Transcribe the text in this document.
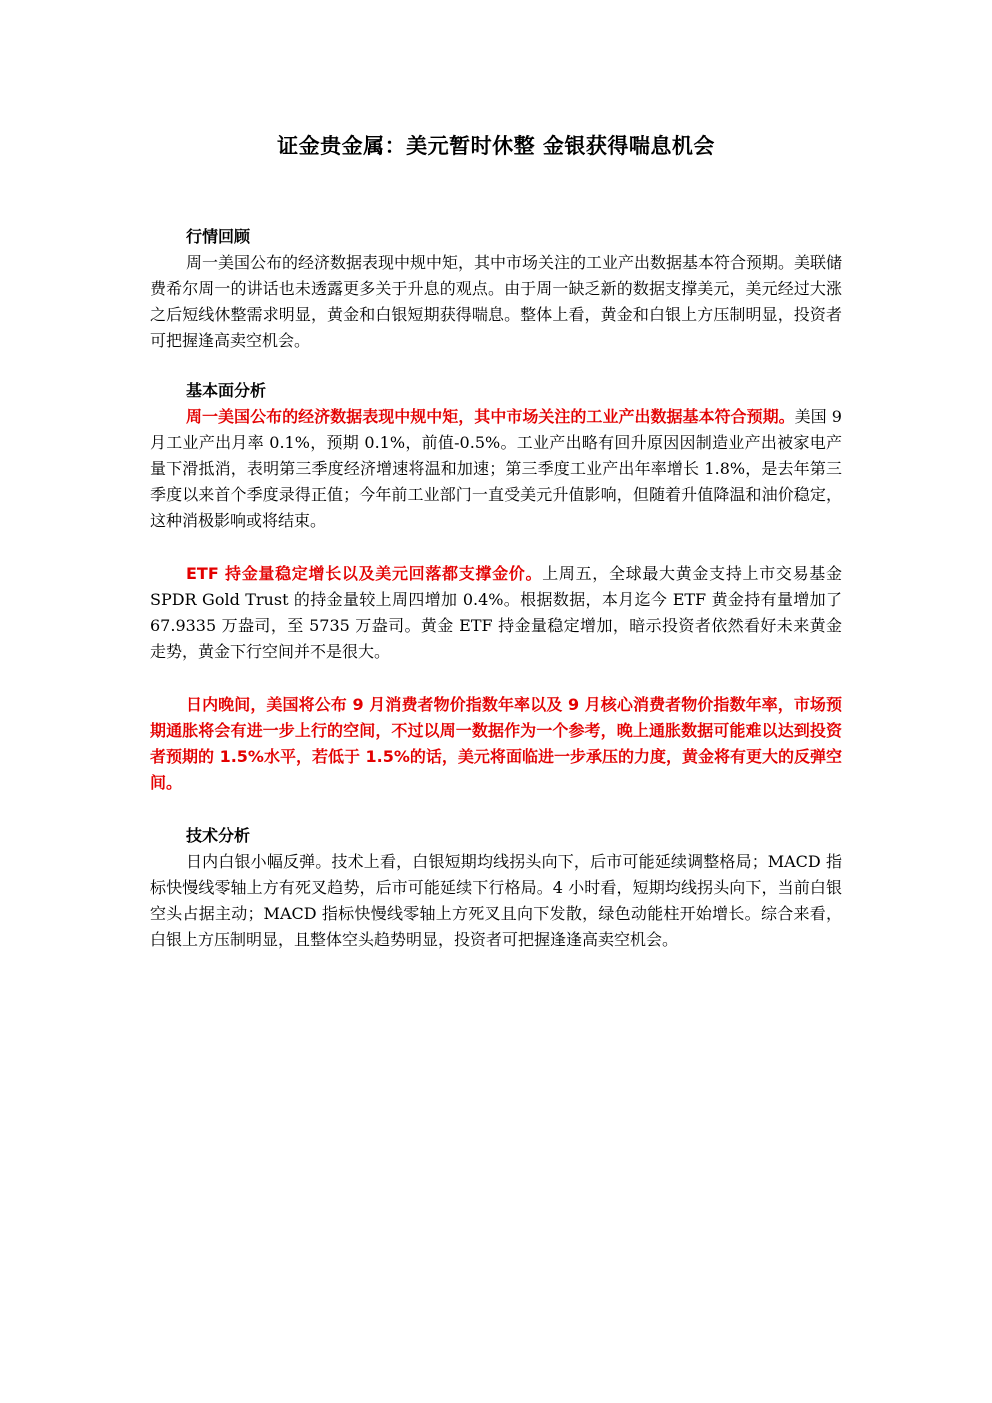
证金贵金属：美元暂时休整 金银获得喘息机会
行情回顾

周一美国公布的经济数据表现中规中矩，其中市场关注的工业产出数据基本符合预期。美联储费希尔周一的讲话也未透露更多关于升息的观点。由于周一缺乏新的数据支撑美元，美元经过大涨之后短线休整需求明显，黄金和白银短期获得喘息。整体上看，黄金和白银上方压制明显，投资者可把握逢高卖空机会。

基本面分析

周一美国公布的经济数据表现中规中矩，其中市场关注的工业产出数据基本符合预期。美国 9 月工业产出月率 0.1%，预期 0.1%，前值-0.5%。工业产出略有回升原因因制造业产出被家电产量下滑抵消，表明第三季度经济增速将温和加速；第三季度工业产出年率增长 1.8%，是去年第三季度以来首个季度录得正值；今年前工业部门一直受美元升值影响，但随着升值降温和油价稳定，这种消极影响或将结束。

ETF 持金量稳定增长以及美元回落都支撑金价。上周五，全球最大黄金支持上市交易基金 SPDR Gold Trust 的持金量较上周四增加 0.4%。根据数据，本月迄今 ETF 黄金持有量增加了 67.9335 万盎司，至 5735 万盎司。黄金 ETF 持金量稳定增加，暗示投资者依然看好未来黄金走势，黄金下行空间并不是很大。

日内晚间，美国将公布 9 月消费者物价指数年率以及 9 月核心消费者物价指数年率，市场预期通胀将会有进一步上行的空间，不过以周一数据作为一个参考，晚上通胀数据可能难以达到投资者预期的 1.5%水平，若低于 1.5%的话，美元将面临进一步承压的力度，黄金将有更大的反弹空间。

技术分析

日内白银小幅反弹。技术上看，白银短期均线拐头向下，后市可能延续调整格局；MACD 指标快慢线零轴上方有死叉趋势，后市可能延续下行格局。4 小时看，短期均线拐头向下，当前白银空头占据主动；MACD 指标快慢线零轴上方死叉且向下发散，绿色动能柱开始增长。综合来看，白银上方压制明显，且整体空头趋势明显，投资者可把握逢逢高卖空机会。
